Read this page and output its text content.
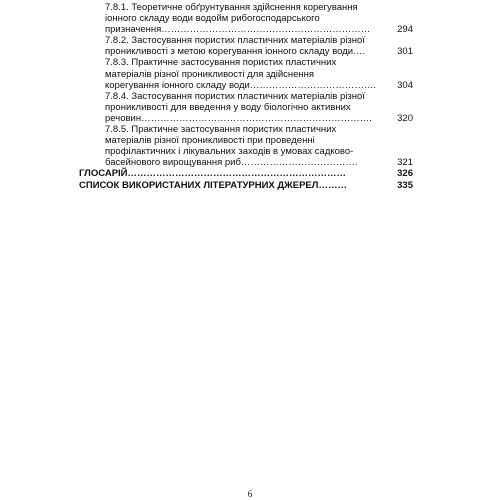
7.8.1. Теоретичне обґрунтування здійснення корегування
іонного складу води водойм рибогосподарського
призначення…………………………………………………………	294
7.8.2. Застосування пористих пластичних матеріалів різної
проникливості з метою корегування іонного складу води….	301
7.8.3. Практичне застосування пористих пластичних
матеріалів різної проникливості для здійснення
корегування іонного складу води………………………………….	304
7.8.4. Застосування пористих пластичних матеріалів різної
проникливості для введення у воду біологічно активних
речовин……………………………………………………………….	320
7.8.5. Практичне застосування пористих пластичних
матеріалів різної проникливості при проведенні
профілактичних і лікувальних заходів в умовах садково-
басейнового вирощування риб……………………………….	321
ГЛОСАРІЙ……………………………………………………………	326
СПИСОК ВИКОРИСТАНИХ ЛІТЕРАТУРНИХ ДЖЕРЕЛ………	335
6
